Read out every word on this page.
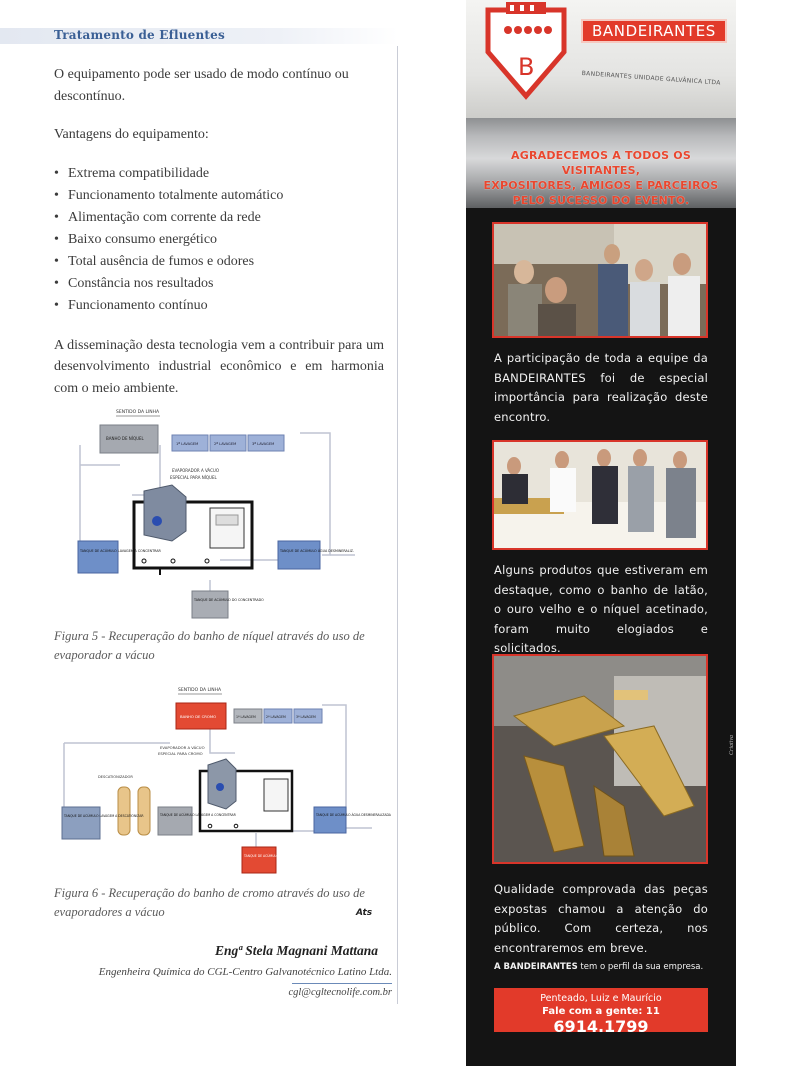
Tratamento de Efluentes

O equipamento pode ser usado de modo contínuo ou descontínuo.

Vantagens do equipamento:

• Extrema compatibilidade
• Funcionamento totalmente automático
• Alimentação com corrente da rede
• Baixo consumo energético
• Total ausência de fumos e odores
• Constância nos resultados
• Funcionamento contínuo

A disseminação desta tecnologia vem a contribuir para um desenvolvimento industrial econômico e em harmonia com o meio ambiente.

SENTIDO DA LINHA
BANHO DE NÍQUEL
1ª LAVAGEM	2ª LAVAGEM	3ª LAVAGEM
EVAPORADOR A VÁCUO
ESPECIAL PARA NÍQUEL
TANQUE DE ACÚMULO LAVAGEM A CONCENTRAR	TANQUE DE ACÚMULO ÁGUA DESMINERALIZ.
TANQUE DE ACÚMULO DO CONCENTRADO
Figura 5 - Recuperação do banho de níquel através do uso de evaporador a vácuo
SENTIDO DA LINHA
BANHO DE CROMO	1ª LAVAGEM	2ª LAVAGEM	3ª LAVAGEM
EVAPORADOR A VÁCUO
ESPECIAL PARA CROMO
DESCATIONIZADOR
TANQUE DE ACÚMULO LAVAGEM A DESCATIONIZAR	TANQUE DE ACÚMULO LAVAGEM A CONCENTRAR	TANQUE DE ACÚMULO ÁGUA DESMINERALIZADA
TANQUE DE ACÚMULO DO CONCENTRADO
Figura 6 - Recuperação do banho de cromo através do uso de evaporadores a vácuo	Ats
Engª Stela Magnani Mattana
Engenheira Química do CGL-Centro Galvanotécnico Latino Ltda.
cgl@cgltecnolife.com.br
B
BANDEIRANTES
BANDEIRANTES UNIDADE GALVÂNICA LTDA
AGRADECEMOS A TODOS OS VISITANTES,
EXPOSITORES, AMIGOS E PARCEIROS
PELO SUCESSO DO EVENTO.
A participação de toda a equipe da BANDEIRANTES foi de especial importância para realização deste encontro.
Alguns produtos que estiveram em destaque, como o banho de latão, o ouro velho e o níquel acetinado, foram muito elogiados e solicitados.
Criativa
Qualidade comprovada das peças expostas chamou a atenção do público. Com certeza, nos encontraremos em breve.
A BANDEIRANTES tem o perfil da sua empresa.
Penteado, Luiz e Maurício
Fale com a gente: 11 6914.1799
